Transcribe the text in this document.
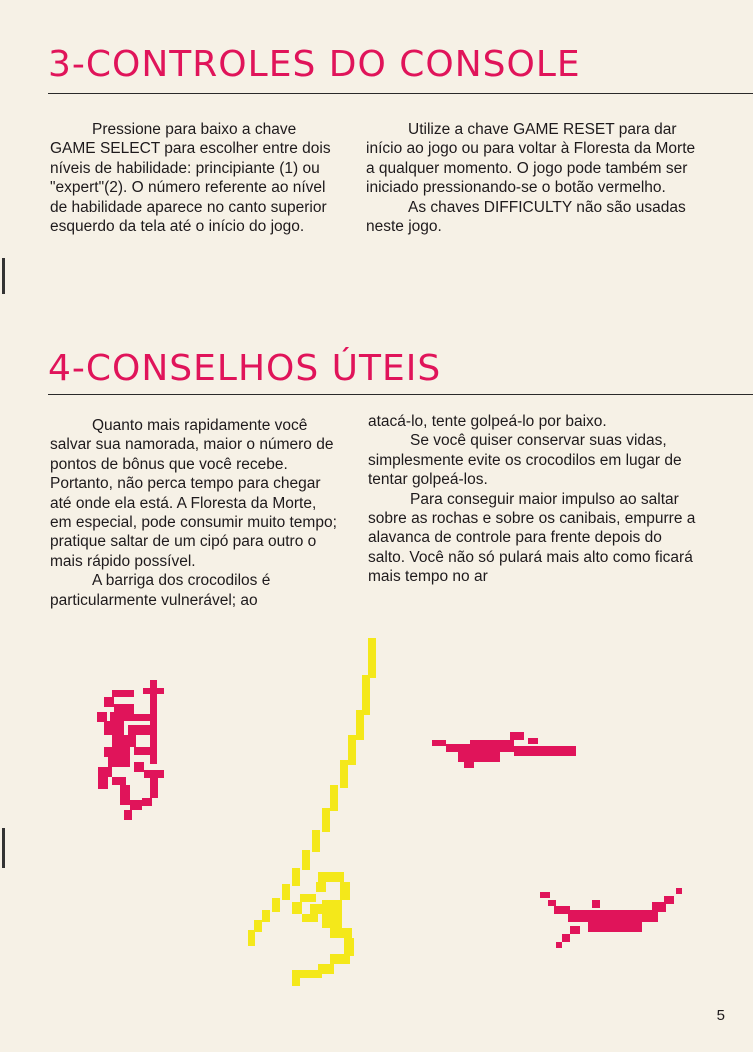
3-CONTROLES DO CONSOLE

Pressione para baixo a chave GAME SELECT para escolher entre dois níveis de habilidade: principiante (1) ou "expert"(2). O número referente ao nível de habilidade aparece no canto superior esquerdo da tela até o início do jogo.

Utilize a chave GAME RESET para dar início ao jogo ou para voltar à Floresta da Morte a qualquer momento. O jogo pode também ser iniciado pressionando-se o botão vermelho.

As chaves DIFFICULTY não são usadas neste jogo.

4-CONSELHOS ÚTEIS

Quanto mais rapidamente você salvar sua namorada, maior o número de pontos de bônus que você recebe. Portanto, não perca tempo para chegar até onde ela está. A Floresta da Morte, em especial, pode consumir muito tempo; pratique saltar de um cipó para outro o mais rápido possível.

A barriga dos crocodilos é particularmente vulnerável; ao

atacá-lo, tente golpeá-lo por baixo.

Se você quiser conservar suas vidas, simplesmente evite os crocodilos em lugar de tentar golpeá-los.

Para conseguir maior impulso ao saltar sobre as rochas e sobre os canibais, empurre a alavanca de controle para frente depois do salto. Você não só pulará mais alto como ficará mais tempo no ar

5
